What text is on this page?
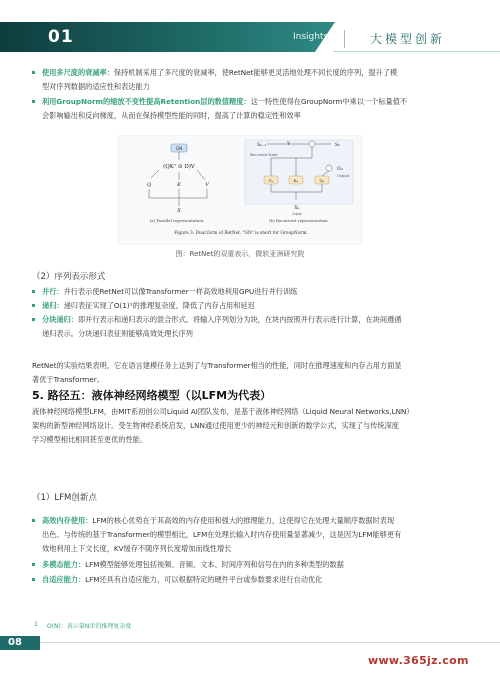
01	Insights	大模型创新
使用多尺度的衰减率：保持机制采用了多尺度的衰减率，使RetNet能够更灵活地处理不同长度的序列，提升了模
型对序列数据的适应性和表达能力
利用GroupNorm的缩放不变性提高Retention层的数值精度：这一特性使得在GroupNorm中乘以一个标量值不
会影响输出和反向梯度，从而在保持模型性能的同时，提高了计算的稳定性和效率
GN
(QKᵀ ⊙ D)V
Q	K	V
X
(a) Parallel representation.
Sₙ₋₁
Recurrent State
γ	Sₙ
Oₙ
Output
Vₙ	Kₙ	Qₙ
Xₙ
Input
(b) Recurrent representation.
Figure 3: Dual form of RetNet. "GN" is short for GroupNorm.
图：RetNet的双重表示，微软亚洲研究院
（2）序列表示形式
并行：并行表示使RetNet可以像Transformer一样高效地利用GPU进行并行训练
递归：递归表征实现了O(1)¹的推理复杂度，降低了内存占用和延迟
分块递归：即并行表示和递归表示的混合形式，将输入序列划分为块，在块内按照并行表示进行计算，在块间遵循
递归表示。分块递归表征则能够高效处理长序列
RetNet的实验结果表明，它在语言建模任务上达到了与Transformer相当的性能，同时在推理速度和内存占用方面显
著优于Transformer。
5. 路径五：液体神经网络模型（以LFM为代表）
液体神经网络模型LFM，由MIT系初创公司Liquid AI团队发布，是基于液体神经网络（Liquid Neural Networks,LNN）
架构的新型神经网络设计。受生物神经系统启发，LNN通过使用更少的神经元和创新的数学公式，实现了与传统深度
学习模型相比相同甚至更优的性能。
（1）LFM创新点
高效内存使用：LFM的核心优势在于其高效的内存使用和强大的推理能力，这使得它在处理大量顺序数据时表现
出色。与传统的基于Transformer的模型相比，LFM在处理长输入时内存使用量显著减少，这是因为LFM能够更有
效地利用上下文长度，KV缓存不随序列长度增加而线性增长
多模态能力：LFM模型能够处理包括视频、音频、文本、时间序列和信号在内的多种类型的数据
自适应能力：LFM还具有自适应能力，可以根据特定的硬件平台或参数要求进行自动优化
1 O(N)：表示第N步的推理复杂度
08
www.365jz.com
